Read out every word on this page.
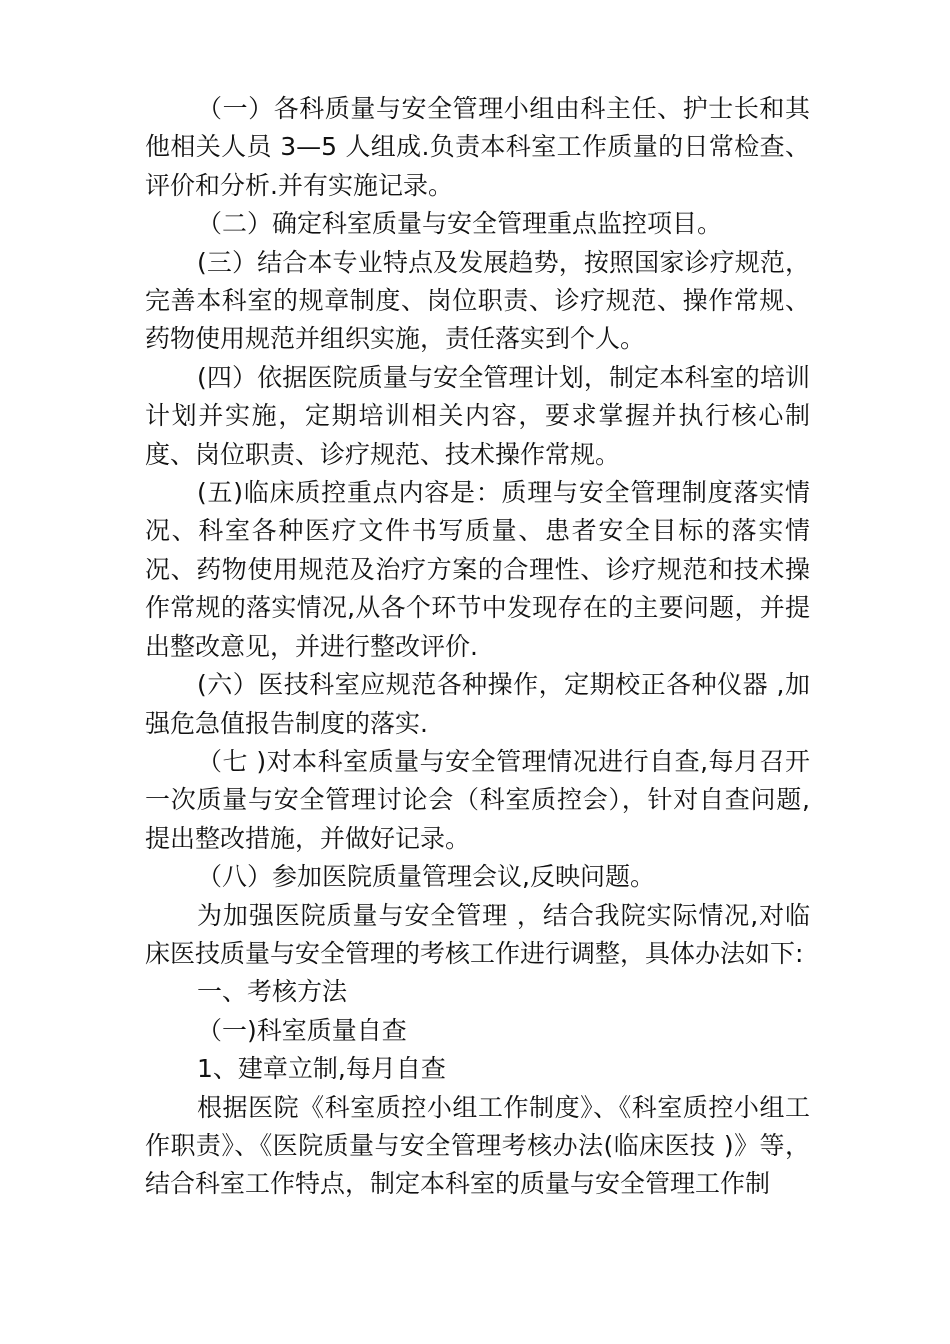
（一）各科质量与安全管理小组由科主任、护士长和其他相关人员 3—5 人组成.负责本科室工作质量的日常检查、评价和分析.并有实施记录。

（二）确定科室质量与安全管理重点监控项目。

(三）结合本专业特点及发展趋势，按照国家诊疗规范，完善本科室的规章制度、岗位职责、诊疗规范、操作常规、药物使用规范并组织实施，责任落实到个人。

(四）依据医院质量与安全管理计划，制定本科室的培训计划并实施，定期培训相关内容，要求掌握并执行核心制度、岗位职责、诊疗规范、技术操作常规。

(五)临床质控重点内容是：质理与安全管理制度落实情况、科室各种医疗文件书写质量、患者安全目标的落实情况、药物使用规范及治疗方案的合理性、诊疗规范和技术操作常规的落实情况,从各个环节中发现存在的主要问题，并提出整改意见，并进行整改评价.

(六）医技科室应规范各种操作，定期校正各种仪器 ,加强危急值报告制度的落实.

（七 )对本科室质量与安全管理情况进行自查,每月召开一次质量与安全管理讨论会（科室质控会），针对自查问题,提出整改措施，并做好记录。

（八）参加医院质量管理会议,反映问题。

为加强医院质量与安全管理 ，结合我院实际情况,对临床医技质量与安全管理的考核工作进行调整，具体办法如下:

一、考核方法

（一)科室质量自查

1、建章立制,每月自查

根据医院《科室质控小组工作制度》、《科室质控小组工作职责》、《医院质量与安全管理考核办法(临床医技 )》等，结合科室工作特点，制定本科室的质量与安全管理工作制
